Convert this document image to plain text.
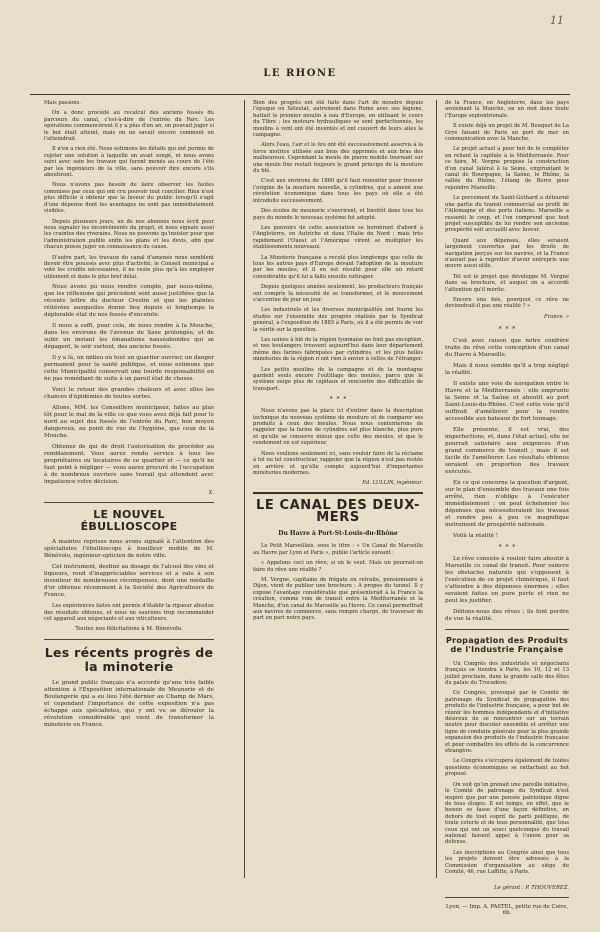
11
LE RHONE

Mais passons.

On a donc procédé au recalcul des anciens fossés du parcours du canal, c'est-à-dire de l'entrée du Parc. Les opérations commencèrent il y a plus d'un an, on pouvait juger si le but était atteint, mais on ne savait encore comment on l'atteindrait.

Il n'en a rien été. Nous estimons les détails qui ont permis de rejeter une solution à laquelle on avait songé, et nous avons suivi avec soin les travaux qui furent menés au cours de l'été par les ingénieurs de la ville, sans pouvoir dire encore s'ils aboutiront.

Nous n'avons pas besoin de faire observer les fautes commises par ceux qui ont cru pouvoir tout concilier. Rien n'est plus difficile à obtenir que la faveur du public lorsqu'il s'agit d'une dépense dont les avantages ne sont pas immédiatement visibles.

Depuis plusieurs jours, un de nos abonnés nous écrit pour nous signaler les inconvénients du projet, et nous signale aussi les craintes des riverains. Nous ne pouvons qu'insister pour que l'administration publie enfin les plans et les devis, afin que chacun puisse juger en connaissance de cause.

D'autre part, les travaux du canal d'amenée nous semblent devoir être poussés avec plus d'activité; le Conseil municipal a voté les crédits nécessaires, il ne reste plus qu'à les employer utilement et dans le plus bref délai.

Nous avons pu nous rendre compte, par nous-même, que les réflexions qui précèdent sont aussi justifiées que la récente lettre du docteur Crestin et que les plaintes réitérées auxquelles donne lieu depuis si longtemps la déplorable état de nos fossés d'enceinte.

Il nous a suffi, pour cela, de nous rendre à la Mouche, dans les environs de l'avenue de Saxe prolongée, et de subir un instant les émanations nauséabondes qui se dégagent, le soir surtout, des anciens fossés.

Il y a là, un milieu où tout un quartier ouvrier, un danger permanent pour la santé publique, et nous estimons que cette Municipalité conservait une lourde responsabilité en ne pas remédiant de suite à un pareil état de choses.

Voici le retour des grandes chaleurs et avec elles les chances d'épidémies de toutes sortes.

Allons, MM. les Conseillers municipaux, faites au plus tôt pour le mal de la ville ce que vous avez déjà fait pour le nord au sujet des fossés de l'entrée du Parc, bon moyen dangereux, au point de vue de l'hygiène, que ceux de la Mouche.

Obtenez de qui de droit l'autorisation de procéder au remblaiement. Vous aurez rendu service à tous les propriétaires ou locataires de ce quartier et — ce qu'il ne faut point à négliger — vous aurez procuré de l'occupation à de nombreux ouvriers sans travail qui attendent avec impatience votre décision.

X.
LE NOUVEL ÉBULLIOSCOPE

A maintes reprises nous avons signalé à l'attention des spécialistes l'ébullioscope à bouilleur mobile de M. Bénévolo, ingénieur-opticien de notre ville.

Cet instrument, destiné au dosage de l'alcool des vins et liqueurs, rend d'inappréciables services et a valu à son inventeur de nombreuses récompenses, dont une médaille d'or obtenue récemment à la Société des Agriculteurs de France.

Les expériences faites ont permis d'établir la rigueur absolue des résultats obtenus, et nous ne saurions trop recommander cet appareil aux négociants et aux viticulteurs.

Toutes nos félicitations à M. Bénévolo.

Les récents progrès de la minoterie

Le grand public français n'a accordé qu'une très faible attention à l'Exposition internationale de Meunerie et de Boulangerie qui a eu lieu l'été dernier au Champ de Mars, et cependant l'importance de cette exposition n'a pas échappé aux spécialistes, qui y ont vu se dérouler la révolution considérable qui vient de transformer la minoterie en France.

Bien des progrès ont été faits dans l'art de moudre depuis l'époque où Sélestat, autrement dans Rome avec ses légions, battait le premier moulin à eau d'Europe, en utilisant le cours du Tibre ; les moteurs hydrauliques se sont perfectionnés, les moulins à vent ont été inventés et ont couvert de leurs ailes la campagne.

Alors l'eau, l'air et le feu ont été successivement asservis à la force motrice utilisée aux bras des opprimés et aux bras des malheureux. Cependant la meule de pierre mobile tournant sur une meule fixe restait toujours le grand principe de la mouture du blé.

C'est aux environs de 1860 qu'il faut remonter pour trouver l'origine de la mouture nouvelle, à cylindres, qui a amené une révolution économique dans tous les pays où elle a été introduite successivement.

Des écoles de meunerie s'ouvrirent, et bientôt dans tous les pays du monde le nouveau système fut adopté.

Les pouvoirs de cette association se bornèrent d'abord à l'Angleterre, en Autriche et dans l'Italie du Nord ; mais très rapidement l'Ouest et l'Amérique virent se multiplier les établissements nouveaux.

La Minoterie française a reculé plus longtemps que celle de tous les autres pays d'Europe devant l'adoption de la mouture par les meules, et il en est résulté pour elle un retard considérable qu'il lui a fallu ensuite rattraper.

Depuis quelques années seulement, les producteurs français ont compris la nécessité de se transformer, et le mouvement s'accentue de jour en jour.

Les industriels et les diverses municipalités ont fourni les études sur l'ensemble des progrès réalisés par le Syndicat général, à l'exposition de 1885 à Paris, où il a été permis de voir la vérité sur la question.

Les usines à blé de la région lyonnaise ne font pas exception, et nos boulangers trouvent aujourd'hui dans leur département même des farines fabriquées par cylindres, et les plus belles minoteries de la région n'ont rien à envier à celles de l'étranger.

Les petits moulins de la campagne et de la montagne gardent seuls encore l'outillage des meules, parce que le système exige plus de capitaux et rencontre des difficultés de transport.

*  *  *

Nous n'avons pas la place ici d'entrer dans la description technique du nouveau système de mouture et de comparer ses produits à ceux des meules. Nous nous contenterons de rappeler que la farine de cylindres est plus blanche, plus pure et qu'elle se conserve mieux que celle des meules, et que le rendement en est supérieur.

Nous voulions seulement ici, sans vouloir faire de la réclame à tel ou tel constructeur, rappeler que la région n'est pas restée en arrière et qu'elle compte aujourd'hui d'importantes minoteries modernes.

Ed. LULLIN, ingénieur.
LE CANAL DES DEUX-MERS
Du Havre à Port-St-Louis-du-Rhône

Le Petit Marseillais, sous le titre : « Un Canal de Marseille au Havre par Lyon et Paris », publie l'article suivant :

« Appelons ceci un rêve, si on le veut. Mais un pourrait-on faire du rêve une réalité ?

M. Vergne, capitaine de frégate en retraite, pensionnaire à Dijon, vient de publier une brochure : A propos du tunnel. Il y expose l'avantage considérable que présenterait à la France la création, comme voie de transit entre la Méditerranée et la Manche, d'un canal de Marseille au Havre. Ce canal permettrait aux navires de commerce, sans rompre charge, de traverser de part en part notre pays.

de la France, en Angleterre, dans les pays avoisinant la Manche, en un mot dans toute l'Europe septentrionale.

Il existe déjà un projet de M. Bouquet de La Grye faisant de Paris un port de mer en communication avec la Manche.

Le projet actuel a pour but de le compléter en reliant la capitale à la Méditerranée. Pour ce faire, M. Vergne propose la construction d'un canal latéral à la Seine, empruntant le canal de Bourgogne, la Saône, le Rhône, la vallée du Rhône, l'étang de Berre pour rejoindre Marseille.

Le percement du Saint-Gothard a détourné une partie du transit commercial au profit de l'Allemagne et des ports italiens. Marseille a ressenti le coup, et l'on comprend que tout projet susceptible de lui rendre son ancienne prospérité soit accueilli avec faveur.

Quant aux dépenses, elles seraient largement couvertes par les droits de navigation perçus sur les navires, et la France n'aurait pas à regretter d'avoir entrepris une œuvre aussi utile.

Tel est le projet que développe M. Vergne dans sa brochure, et auquel on a accordé l'attention qu'il mérite.

Encore une fois, pourquoi ce rêve ne deviendrait-il pas une réalité ? »

France. »
*  *  *

C'est avec raison que notre confrère traite de rêve cette conception d'un canal du Havre à Marseille.

Mais il nous semble qu'il a trop négligé la réalité.

Il existe une voie de navigation entre le Havre et la Méditerranée : elle emprunte la Seine et la Saône et aboutit au port Saint-Louis-du-Rhône. C'est cette voie qu'il suffirait d'améliorer pour la rendre accessible aux bateaux de fort tonnage.

Elle présente, il est vrai, des imperfections, et, dans l'état actuel, elle ne pourrait satisfaire aux exigences d'un grand commerce de transit ; mais il est facile de l'améliorer. Les résultats obtenus seraient en proportion des travaux exécutés.

En ce qui concerne la question d'argent, sur le plan d'ensemble des travaux une fois arrêté, rien n'oblige à l'exécuter immédiatement ; on peut échelonner les dépenses que nécessiteraient les travaux et rendre peu à peu ce magnifique instrument de prospérité nationale.

Voilà la réalité !

*  *  *

Le rêve consiste à vouloir faire aboutir à Marseille ce canal de transit. Pour vaincre les obstacles naturels qui s'opposent à l'exécution de ce projet chimérique, il faut s'attendre à des dépenses énormes ; elles seraient faites en pure perte et rien ne peut les justifier.

Défions-nous des rêves ; ils font perdre de vue la réalité.

Propagation des Produits de l'Industrie Française

Un Congrès des industriels et négociants français se tiendra à Paris, les 10, 12 et 13 juillet prochain, dans la grande salle des fêtes du palais du Trocadéro.

Ce Congrès, provoqué par le Comité de patronage du Syndicat de propagation des produits de l'industrie française, a pour but de réunir les hommes indépendants et d'initiative désireux de se rencontrer sur un terrain neutre pour discuter ensemble et arrêter une ligne de conduite générale pour la plus grande expansion des produits de l'industrie française et pour combattre les effets de la concurrence étrangère.

Le Congrès s'occupera également de toutes questions économiques se rattachant au but proposé.

On voit qu'on prenait une pareille initiative, le Comité de patronage du Syndicat n'est inspiré que par une pensée patriotique digne de tous éloges. Il est temps, en effet, que le besoin se fasse d'une façon définitive, en dehors de tout esprit de parti politique, de toute coterie et de tous personnalité, que tous ceux qui ont un souci quelconque du travail national fassent appel à l'union pour sa défense.

Les inscriptions au Congrès ainsi que tous les projets doivent être adressés à la Commission d'organisation au siège du Comité, 46, rue Laffitte, à Paris.

Le gérant : P. THOUVEREZ.
Lyon. — Imp. A. PASTEL, petite rue de Cuire, 6b.
